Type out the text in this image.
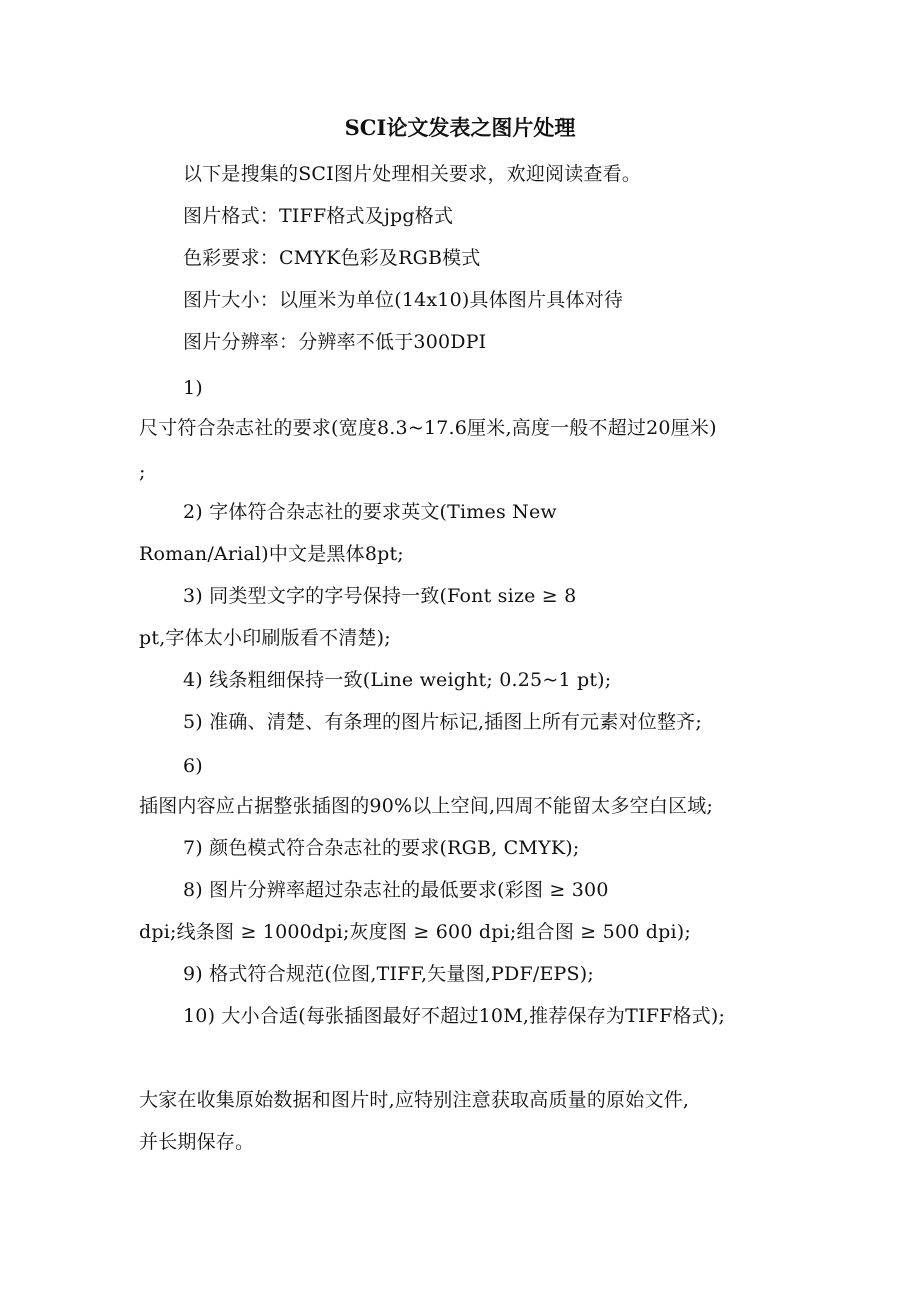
SCI论文发表之图片处理
以下是搜集的SCI图片处理相关要求，欢迎阅读查看。
图片格式：TIFF格式及jpg格式
色彩要求：CMYK色彩及RGB模式
图片大小：以厘米为单位(14x10)具体图片具体对待
图片分辨率：分辨率不低于300DPI
1)
尺寸符合杂志社的要求(宽度8.3~17.6厘米,高度一般不超过20厘米)
;
2) 字体符合杂志社的要求英文(Times New
Roman/Arial)中文是黑体8pt;
3) 同类型文字的字号保持一致(Font size ≥ 8
pt,字体太小印刷版看不清楚);
4) 线条粗细保持一致(Line weight; 0.25~1 pt);
5) 准确、清楚、有条理的图片标记,插图上所有元素对位整齐;
6)
插图内容应占据整张插图的90%以上空间,四周不能留太多空白区域;
7) 颜色模式符合杂志社的要求(RGB, CMYK);
8) 图片分辨率超过杂志社的最低要求(彩图 ≥ 300
dpi;线条图 ≥ 1000dpi;灰度图 ≥ 600 dpi;组合图 ≥ 500 dpi);
9) 格式符合规范(位图,TIFF,矢量图,PDF/EPS);
10) 大小合适(每张插图最好不超过10M,推荐保存为TIFF格式);
大家在收集原始数据和图片时,应特别注意获取高质量的原始文件,
并长期保存。
